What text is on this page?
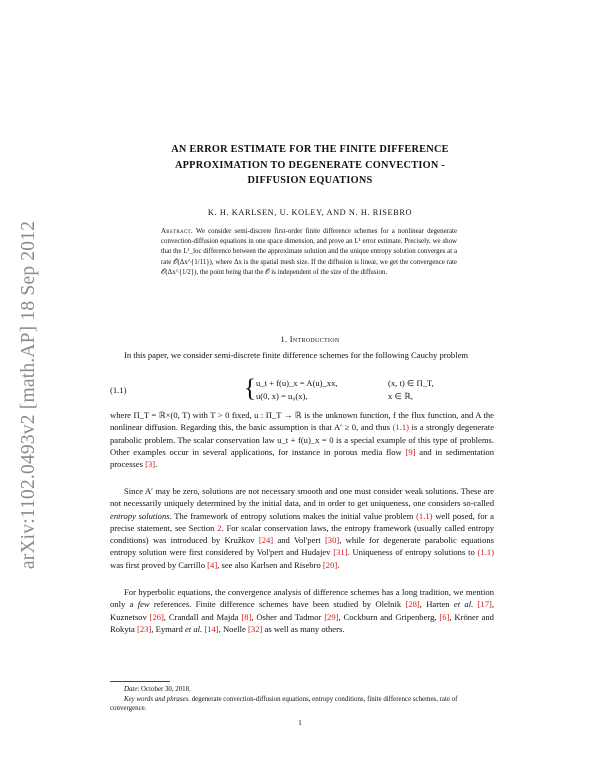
arXiv:1102.0493v2 [math.AP] 18 Sep 2012
AN ERROR ESTIMATE FOR THE FINITE DIFFERENCE
APPROXIMATION TO DEGENERATE CONVECTION -
DIFFUSION EQUATIONS
K. H. KARLSEN, U. KOLEY, AND N. H. RISEBRO
Abstract. We consider semi-discrete first-order finite difference schemes for a nonlinear degenerate convection-diffusion equations in one space dimension, and prove an L¹ error estimate. Precisely, we show that the L¹_loc difference between the approximate solution and the unique entropy solution converges at a rate 𝒪(Δx^{1/11}), where Δx is the spatial mesh size. If the diffusion is linear, we get the convergence rate 𝒪(Δx^{1/2}), the point being that the 𝒪 is independent of the size of the diffusion.
1. Introduction

In this paper, we consider semi-discrete finite difference schemes for the following Cauchy problem

(1.1)	{ u_t + f(u)_x = A(u)_xx,	(x, t) ∈ Π_T,
u(0, x) = u₀(x),	x ∈ ℝ,

where Π_T = ℝ×(0, T) with T > 0 fixed, u : Π_T → ℝ is the unknown function, f the flux function, and A the nonlinear diffusion. Regarding this, the basic assumption is that A′ ≥ 0, and thus (1.1) is a strongly degenerate parabolic problem. The scalar conservation law u_t + f(u)_x = 0 is a special example of this type of problems. Other examples occur in several applications, for instance in porous media flow [9] and in sedimentation processes [3].

Since A′ may be zero, solutions are not necessary smooth and one must consider weak solutions. These are not necessarily uniquely determined by the initial data, and in order to get uniqueness, one considers so-called entropy solutions. The framework of entropy solutions makes the initial value problem (1.1) well posed, for a precise statement, see Section 2. For scalar conservation laws, the entropy framework (usually called entropy conditions) was introduced by Kružkov [24] and Vol'pert [30], while for degenerate parabolic equations entropy solution were first considered by Vol'pert and Hudajev [31]. Uniqueness of entropy solutions to (1.1) was first proved by Carrillo [4], see also Karlsen and Risebro [20].

For hyperbolic equations, the convergence analysis of difference schemes has a long tradition, we mention only a few references. Finite difference schemes have been studied by Oleĭnik [28], Harten et al. [17], Kuznetsov [26], Crandall and Majda [8], Osher and Tadmor [29], Cockburn and Gripenberg, [6], Kröner and Rokyta [23], Eymard et al. [14], Noelle [32] as well as many others.

Date: October 30, 2018.
Key words and phrases. degenerate convection-diffusion equations, entropy conditions, finite difference schemes, rate of convergence.
1
